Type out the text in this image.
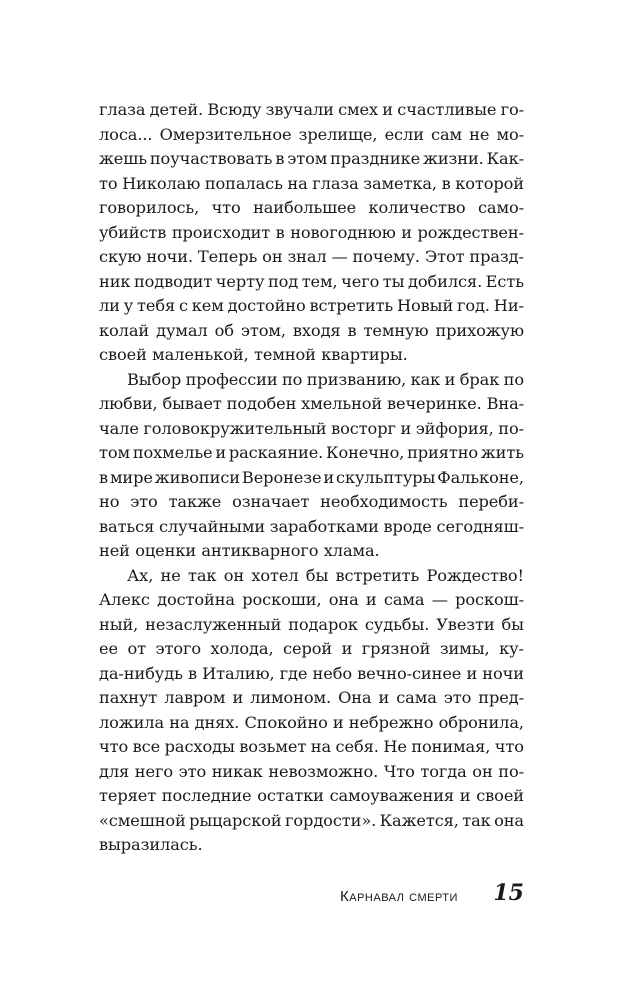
глаза детей. Всюду звучали смех и счастливые го-
лоса... Омерзительное зрелище, если сам не мо-
жешь поучаствовать в этом празднике жизни. Как-
то Николаю попалась на глаза заметка, в которой
говорилось, что наибольшее количество само-
убийств происходит в новогоднюю и рождествен-
скую ночи. Теперь он знал — почему. Этот празд-
ник подводит черту под тем, чего ты добился. Есть
ли у тебя с кем достойно встретить Новый год. Ни-
колай думал об этом, входя в темную прихожую
своей маленькой, темной квартиры.
Выбор профессии по призванию, как и брак по
любви, бывает подобен хмельной вечеринке. Вна-
чале головокружительный восторг и эйфория, по-
том похмелье и раскаяние. Конечно, приятно жить
в мире живописи Веронезе и скульптуры Фальконе,
но это также означает необходимость переби-
ваться случайными заработками вроде сегодняш-
ней оценки антикварного хлама.
Ах, не так он хотел бы встретить Рождество!
Алекс достойна роскоши, она и сама — роскош-
ный, незаслуженный подарок судьбы. Увезти бы
ее от этого холода, серой и грязной зимы, ку-
да-нибудь в Италию, где небо вечно-синее и ночи
пахнут лавром и лимоном. Она и сама это пред-
ложила на днях. Спокойно и небрежно обронила,
что все расходы возьмет на себя. Не понимая, что
для него это никак невозможно. Что тогда он по-
теряет последние остатки самоуважения и своей
«смешной рыцарской гордости». Кажется, так она
выразилась.
Карнавал смерти 15
